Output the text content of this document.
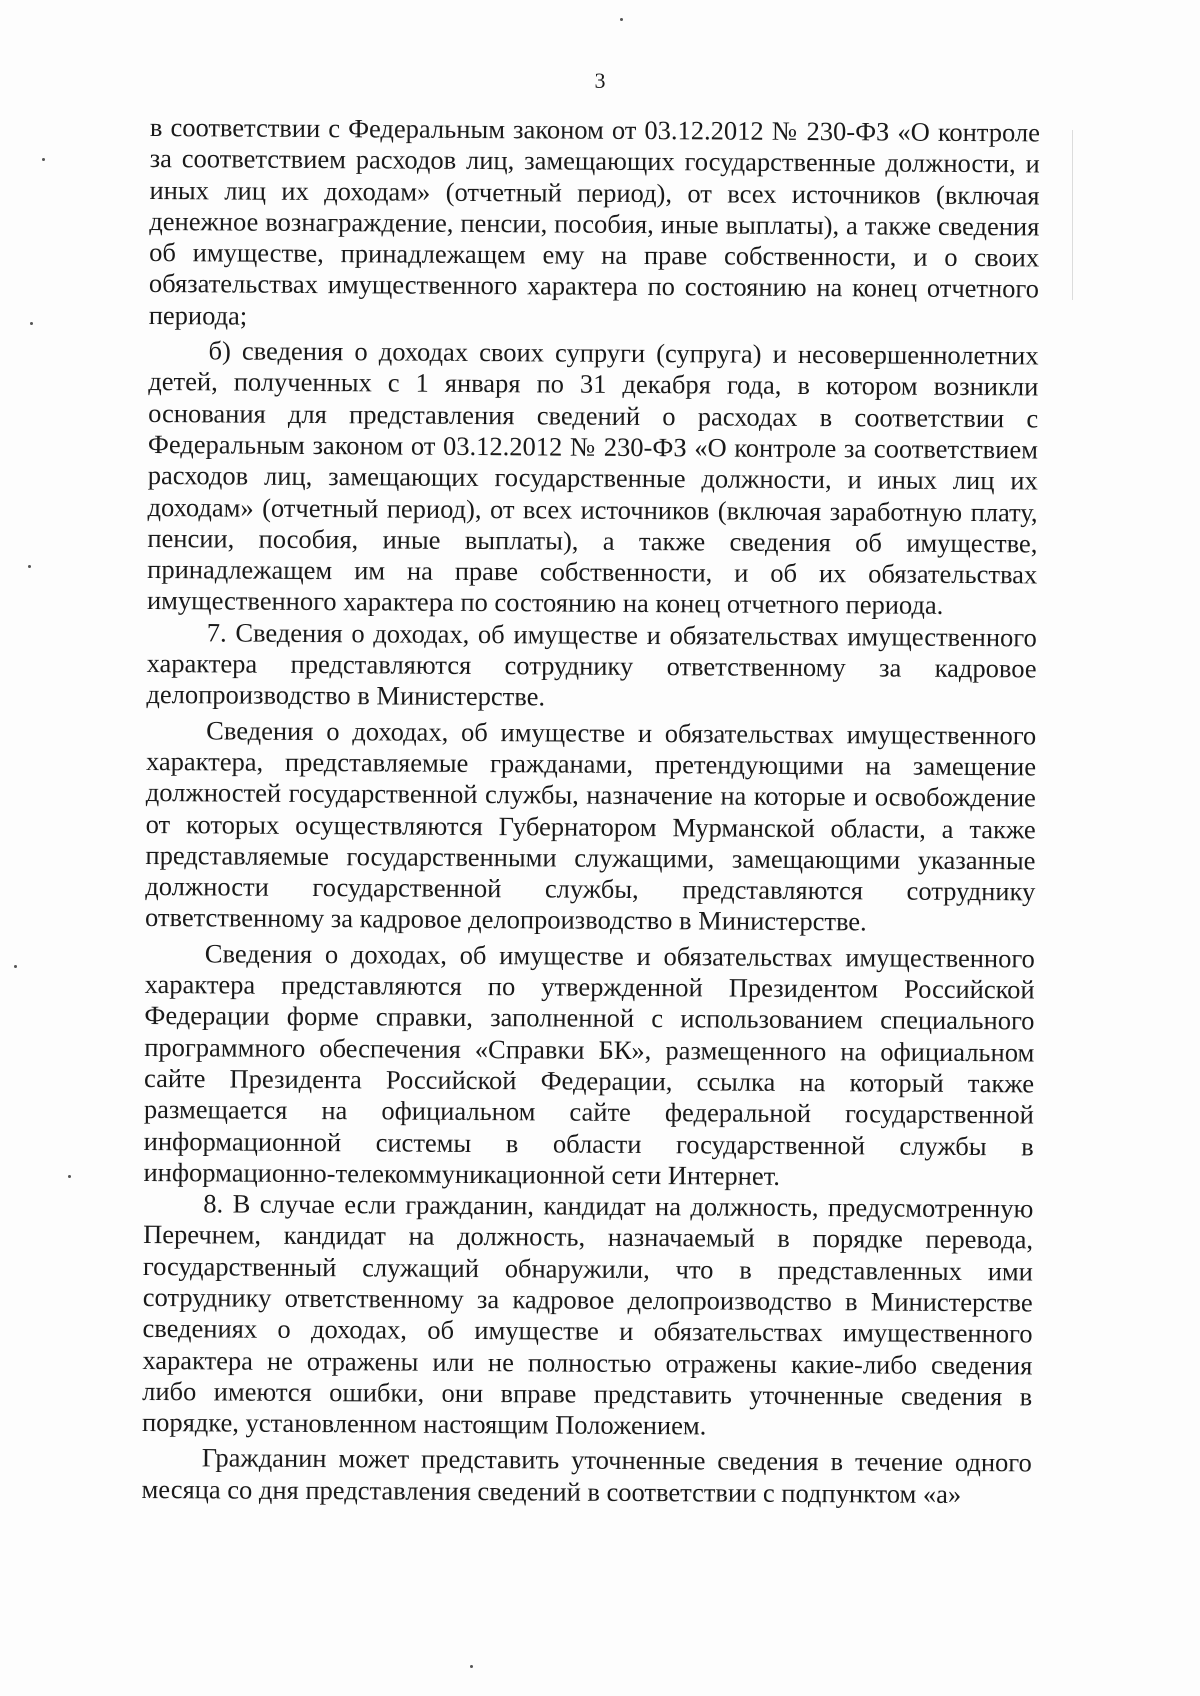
3

в соответствии с Федеральным законом от 03.12.2012 № 230-ФЗ «О контроле за соответствием расходов лиц, замещающих государственные должности, и иных лиц их доходам» (отчетный период), от всех источников (включая денежное вознаграждение, пенсии, пособия, иные выплаты), а также сведения об имуществе, принадлежащем ему на праве собственности, и о своих обязательствах имущественного характера по состоянию на конец отчетного периода;

б) сведения о доходах своих супруги (супруга) и несовершеннолетних детей, полученных с 1 января по 31 декабря года, в котором возникли основания для представления сведений о расходах в соответствии с Федеральным законом от 03.12.2012 № 230-ФЗ «О контроле за соответствием расходов лиц, замещающих государственные должности, и иных лиц их доходам» (отчетный период), от всех источников (включая заработную плату, пенсии, пособия, иные выплаты), а также сведения об имуществе, принадлежащем им на праве собственности, и об их обязательствах имущественного характера по состоянию на конец отчетного периода.

7. Сведения о доходах, об имуществе и обязательствах имущественного характера представляются сотруднику ответственному за кадровое делопроизводство в Министерстве.

Сведения о доходах, об имуществе и обязательствах имущественного характера, представляемые гражданами, претендующими на замещение должностей государственной службы, назначение на которые и освобождение от которых осуществляются Губернатором Мурманской области, а также представляемые государственными служащими, замещающими указанные должности государственной службы, представляются сотруднику ответственному за кадровое делопроизводство в Министерстве.

Сведения о доходах, об имуществе и обязательствах имущественного характера представляются по утвержденной Президентом Российской Федерации форме справки, заполненной с использованием специального программного обеспечения «Справки БК», размещенного на официальном сайте Президента Российской Федерации, ссылка на который также размещается на официальном сайте федеральной государственной информационной системы в области государственной службы в информационно-телекоммуникационной сети Интернет.

8. В случае если гражданин, кандидат на должность, предусмотренную Перечнем, кандидат на должность, назначаемый в порядке перевода, государственный служащий обнаружили, что в представленных ими сотруднику ответственному за кадровое делопроизводство в Министерстве сведениях о доходах, об имуществе и обязательствах имущественного характера не отражены или не полностью отражены какие-либо сведения либо имеются ошибки, они вправе представить уточненные сведения в порядке, установленном настоящим Положением.

Гражданин может представить уточненные сведения в течение одного месяца со дня представления сведений в соответствии с подпунктом «а»
